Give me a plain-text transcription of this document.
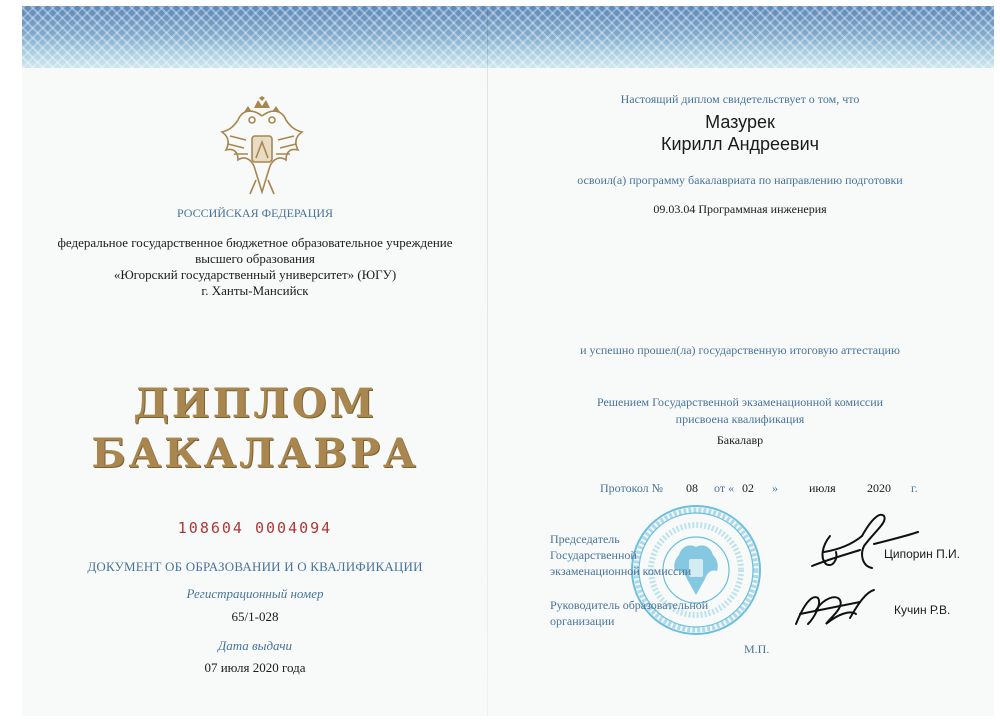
РОССИЙСКАЯ ФЕДЕРАЦИЯ
федеральное государственное бюджетное образовательное учреждение
высшего образования
«Югорский государственный университет» (ЮГУ)
г. Ханты-Мансийск
ДИПЛОМ
БАКАЛАВРА
108604 0004094
ДОКУМЕНТ ОБ ОБРАЗОВАНИИ И О КВАЛИФИКАЦИИ
Регистрационный номер
65/1-028
Дата выдачи
07 июля 2020 года
Настоящий диплом свидетельствует о том, что
Мазурек
Кирилл Андреевич
освоил(а) программу бакалавриата по направлению подготовки
09.03.04 Программная инженерия
и успешно прошел(ла) государственную итоговую аттестацию
Решением Государственной экзаменационной комиссии
присвоена квалификация
Бакалавр
Протокол № 08 от « 02 »	июля	2020 г.
Председатель
Государственной
экзаменационной комиссии
Ципорин П.И.
Руководитель образовательной
организации
Кучин Р.В.
М.П.
